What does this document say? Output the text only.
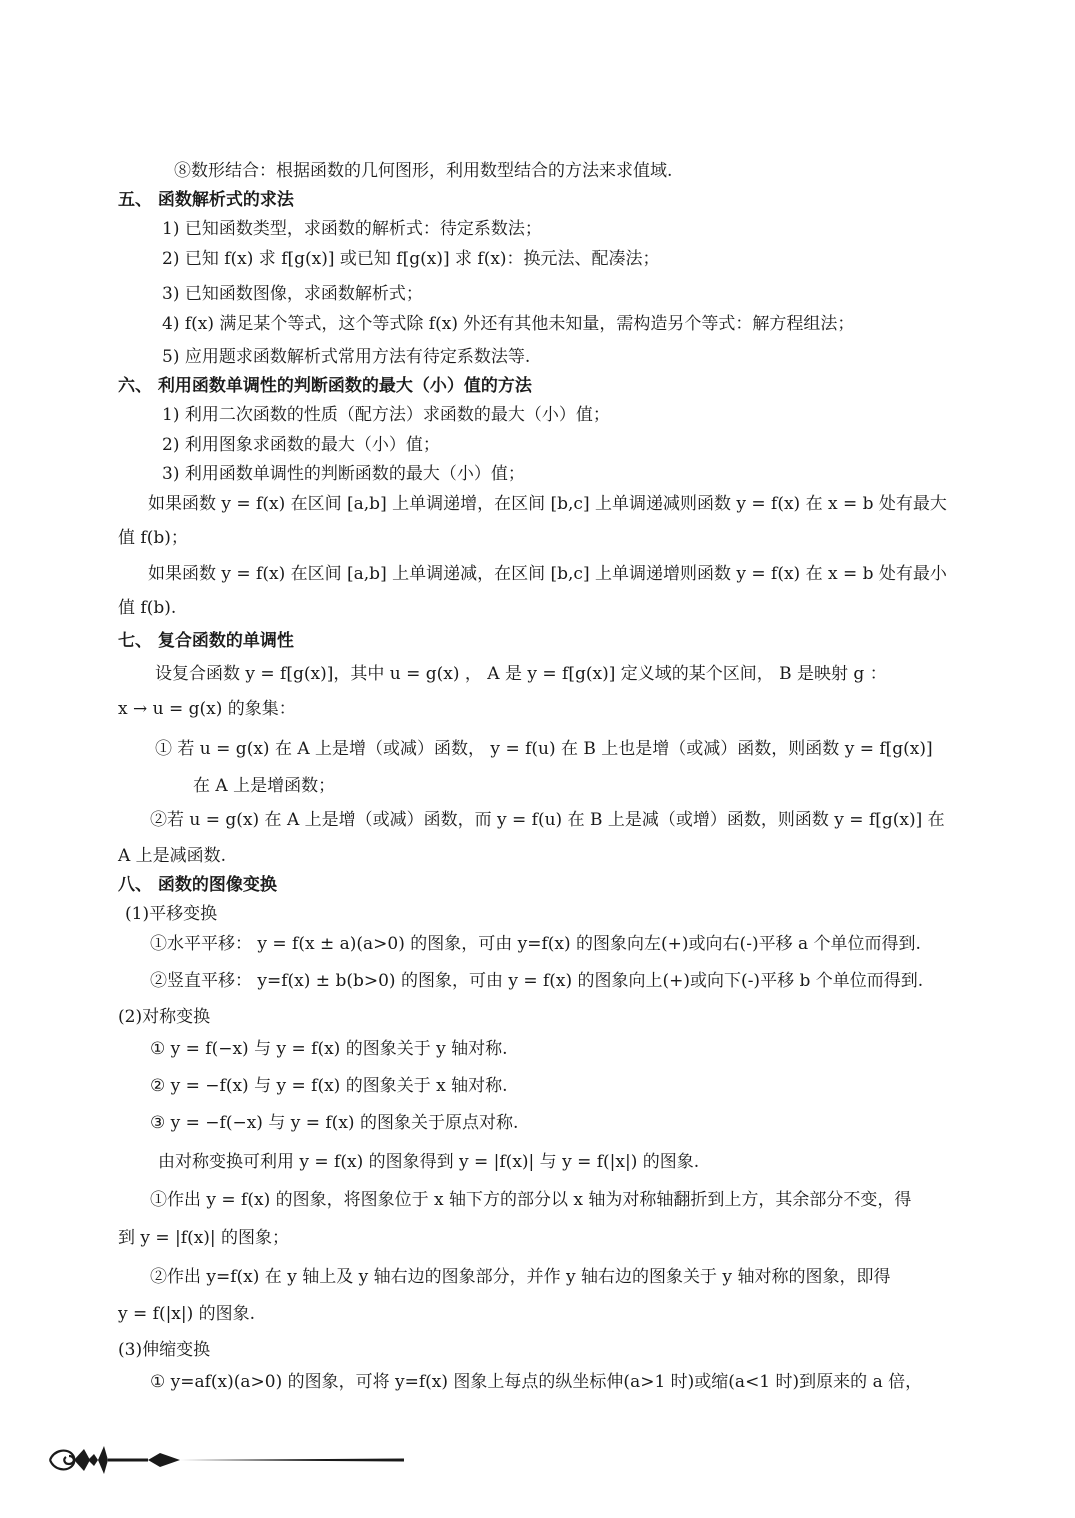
⑧数形结合：根据函数的几何图形，利用数型结合的方法来求值域.
五、 函数解析式的求法
1) 已知函数类型，求函数的解析式：待定系数法；
2) 已知 f(x) 求 f[g(x)] 或已知 f[g(x)] 求 f(x)：换元法、配凑法；
3) 已知函数图像，求函数解析式；
4) f(x) 满足某个等式，这个等式除 f(x) 外还有其他未知量，需构造另个等式：解方程组法；
5) 应用题求函数解析式常用方法有待定系数法等.
六、 利用函数单调性的判断函数的最大（小）值的方法
1) 利用二次函数的性质（配方法）求函数的最大（小）值；
2) 利用图象求函数的最大（小）值；
3) 利用函数单调性的判断函数的最大（小）值；
如果函数 y = f(x) 在区间 [a,b] 上单调递增，在区间 [b,c] 上单调递减则函数 y = f(x) 在 x = b 处有最大
值 f(b)；
如果函数 y = f(x) 在区间 [a,b] 上单调递减，在区间 [b,c] 上单调递增则函数 y = f(x) 在 x = b 处有最小
值 f(b).
七、 复合函数的单调性
设复合函数 y = f[g(x)]，其中 u = g(x) ， A 是 y = f[g(x)] 定义域的某个区间， B 是映射 g ：
x → u = g(x) 的象集：
① 若 u = g(x) 在 A 上是增（或减）函数， y = f(u) 在 B 上也是增（或减）函数，则函数 y = f[g(x)]
在 A 上是增函数；
②若 u = g(x) 在 A 上是增（或减）函数，而 y = f(u) 在 B 上是减（或增）函数，则函数 y = f[g(x)] 在
A 上是减函数.
八、 函数的图像变换
(1)平移变换
①水平平移： y = f(x ± a)(a>0) 的图象，可由 y=f(x) 的图象向左(+)或向右(-)平移 a 个单位而得到.
②竖直平移： y=f(x) ± b(b>0) 的图象，可由 y = f(x) 的图象向上(+)或向下(-)平移 b 个单位而得到.
(2)对称变换
① y = f(−x) 与 y = f(x) 的图象关于 y 轴对称.
② y = −f(x) 与 y = f(x) 的图象关于 x 轴对称.
③ y = −f(−x) 与 y = f(x) 的图象关于原点对称.
由对称变换可利用 y = f(x) 的图象得到 y = |f(x)| 与 y = f(|x|) 的图象.
①作出 y = f(x) 的图象，将图象位于 x 轴下方的部分以 x 轴为对称轴翻折到上方，其余部分不变，得
到 y = |f(x)| 的图象；
②作出 y=f(x) 在 y 轴上及 y 轴右边的图象部分，并作 y 轴右边的图象关于 y 轴对称的图象，即得
y = f(|x|) 的图象.
(3)伸缩变换
① y=af(x)(a>0) 的图象，可将 y=f(x) 图象上每点的纵坐标伸(a>1 时)或缩(a<1 时)到原来的 a 倍，
